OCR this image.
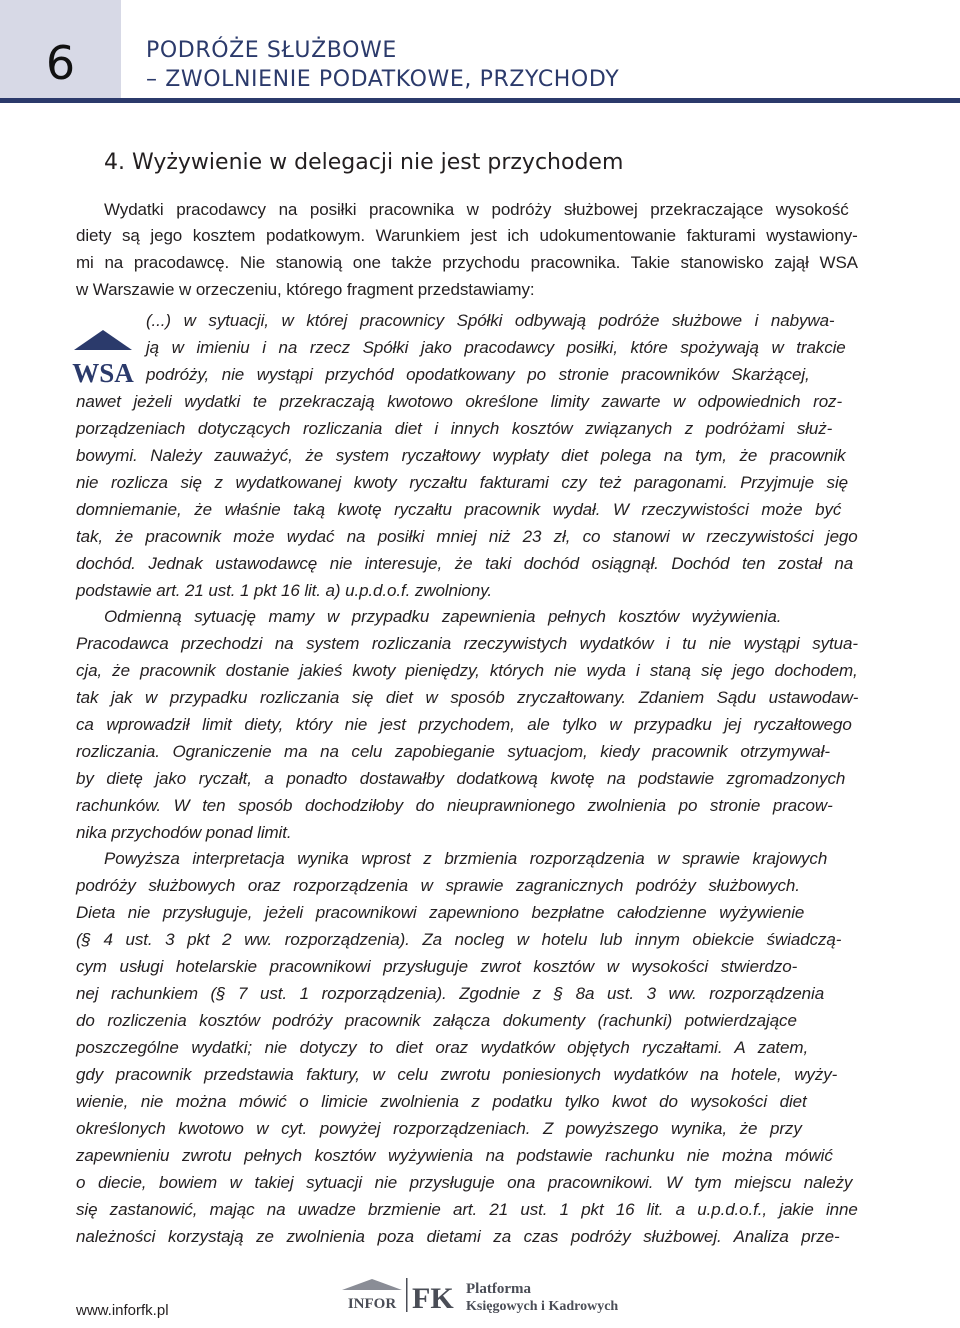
6	PODRÓŻE SŁUŻBOWE
– ZWOLNIENIE PODATKOWE, PRZYCHODY
4. Wyżywienie w delegacji nie jest przychodem
WSA
Wydatki pracodawcy na posiłki pracownika w podróży służbowej przekraczające wysokość
diety są jego kosztem podatkowym. Warunkiem jest ich udokumentowanie fakturami wystawiony-
mi na pracodawcę. Nie stanowią one także przychodu pracownika. Takie stanowisko zajął WSA
w Warszawie w orzeczeniu, którego fragment przedstawiamy:
(...) w sytuacji, w której pracownicy Spółki odbywają podróże służbowe i nabywa-
ją w imieniu i na rzecz Spółki jako pracodawcy posiłki, które spożywają w trakcie
podróży, nie wystąpi przychód opodatkowany po stronie pracowników Skarżącej,
nawet jeżeli wydatki te przekraczają kwotowo określone limity zawarte w odpowiednich roz-
porządzeniach dotyczących rozliczania diet i innych kosztów związanych z podróżami służ-
bowymi. Należy zauważyć, że system ryczałtowy wypłaty diet polega na tym, że pracownik
nie rozlicza się z wydatkowanej kwoty ryczałtu fakturami czy też paragonami. Przyjmuje się
domniemanie, że właśnie taką kwotę ryczałtu pracownik wydał. W rzeczywistości może być
tak, że pracownik może wydać na posiłki mniej niż 23 zł, co stanowi w rzeczywistości jego
dochód. Jednak ustawodawcę nie interesuje, że taki dochód osiągnął. Dochód ten został na
podstawie art. 21 ust. 1 pkt 16 lit. a) u.p.d.o.f. zwolniony.
Odmienną sytuację mamy w przypadku zapewnienia pełnych kosztów wyżywienia.
Pracodawca przechodzi na system rozliczania rzeczywistych wydatków i tu nie wystąpi sytua-
cja, że pracownik dostanie jakieś kwoty pieniędzy, których nie wyda i staną się jego dochodem,
tak jak w przypadku rozliczania się diet w sposób zryczałtowany. Zdaniem Sądu ustawodaw-
ca wprowadził limit diety, który nie jest przychodem, ale tylko w przypadku jej ryczałtowego
rozliczania. Ograniczenie ma na celu zapobieganie sytuacjom, kiedy pracownik otrzymywał-
by dietę jako ryczałt, a ponadto dostawałby dodatkową kwotę na podstawie zgromadzonych
rachunków. W ten sposób dochodziłoby do nieuprawnionego zwolnienia po stronie pracow-
nika przychodów ponad limit.
Powyższa interpretacja wynika wprost z brzmienia rozporządzenia w sprawie krajowych
podróży służbowych oraz rozporządzenia w sprawie zagranicznych podróży służbowych.
Dieta nie przysługuje, jeżeli pracownikowi zapewniono bezpłatne całodzienne wyżywienie
(§ 4 ust. 3 pkt 2 ww. rozporządzenia). Za nocleg w hotelu lub innym obiekcie świadczą-
cym usługi hotelarskie pracownikowi przysługuje zwrot kosztów w wysokości stwierdzo-
nej rachunkiem (§ 7 ust. 1 rozporządzenia). Zgodnie z § 8a ust. 3 ww. rozporządzenia
do rozliczenia kosztów podróży pracownik załącza dokumenty (rachunki) potwierdzające
poszczególne wydatki; nie dotyczy to diet oraz wydatków objętych ryczałtami. A zatem,
gdy pracownik przedstawia faktury, w celu zwrotu poniesionych wydatków na hotele, wyży-
wienie, nie można mówić o limicie zwolnienia z podatku tylko kwot do wysokości diet
określonych kwotowo w cyt. powyżej rozporządzeniach. Z powyższego wynika, że przy
zapewnieniu zwrotu pełnych kosztów wyżywienia na podstawie rachunku nie można mówić
o diecie, bowiem w takiej sytuacji nie przysługuje ona pracownikowi. W tym miejscu należy
się zastanowić, mając na uwadze brzmienie art. 21 ust. 1 pkt 16 lit. a u.p.d.o.f., jakie inne
należności korzystają ze zwolnienia poza dietami za czas podróży służbowej. Analiza prze-
www.inforfk.pl	INFOR FK Platforma
Księgowych i Kadrowych
